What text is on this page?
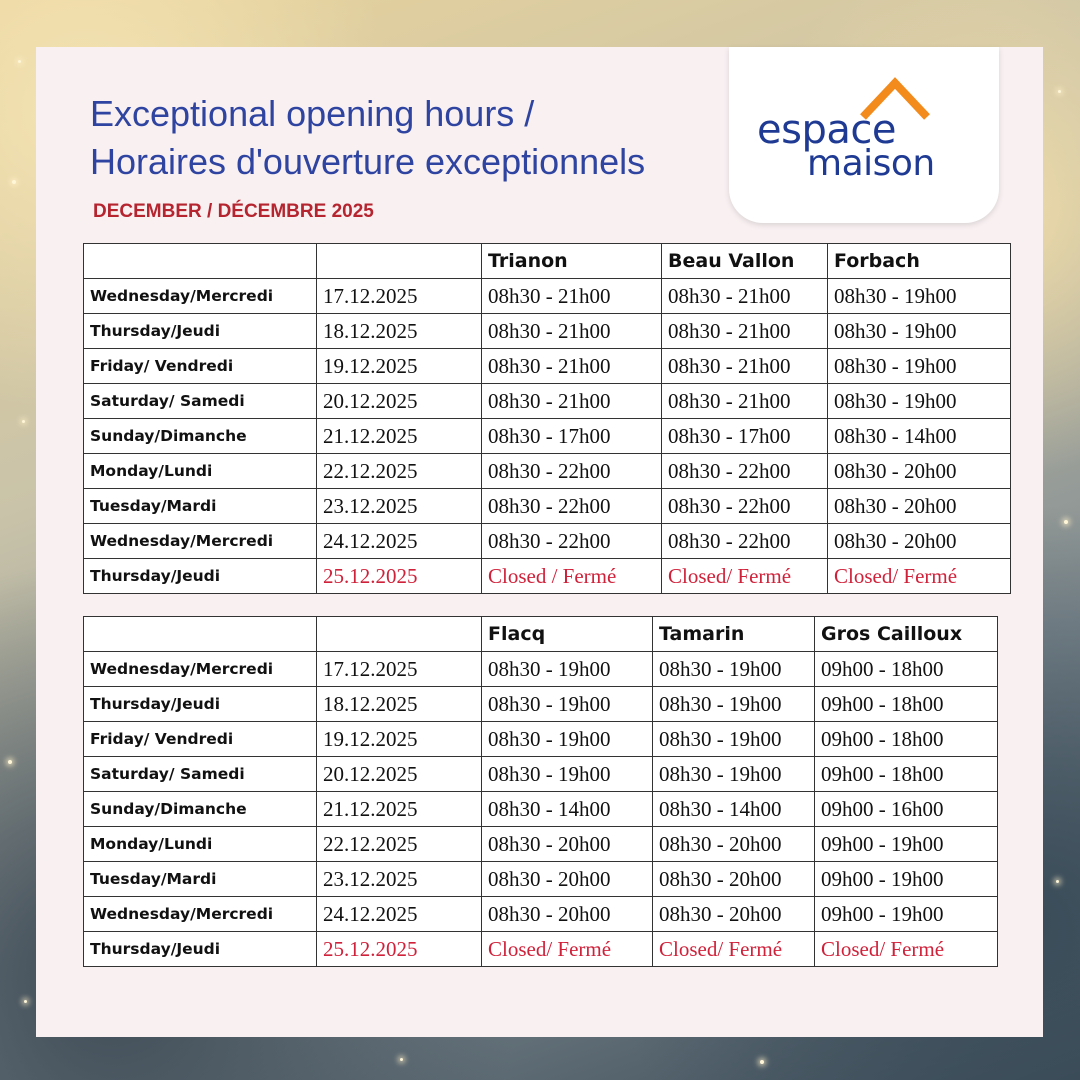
espace
maison
Exceptional opening hours /
Horaires d'ouverture exceptionnels
DECEMBER / DÉCEMBRE 2025
		Trianon	Beau Vallon	Forbach
Wednesday/Mercredi	17.12.2025	08h30 - 21h00	08h30 - 21h00	08h30 - 19h00
Thursday/Jeudi	18.12.2025	08h30 - 21h00	08h30 - 21h00	08h30 - 19h00
Friday/ Vendredi	19.12.2025	08h30 - 21h00	08h30 - 21h00	08h30 - 19h00
Saturday/ Samedi	20.12.2025	08h30 - 21h00	08h30 - 21h00	08h30 - 19h00
Sunday/Dimanche	21.12.2025	08h30 - 17h00	08h30 - 17h00	08h30 - 14h00
Monday/Lundi	22.12.2025	08h30 - 22h00	08h30 - 22h00	08h30 - 20h00
Tuesday/Mardi	23.12.2025	08h30 - 22h00	08h30 - 22h00	08h30 - 20h00
Wednesday/Mercredi	24.12.2025	08h30 - 22h00	08h30 - 22h00	08h30 - 20h00
Thursday/Jeudi	25.12.2025	Closed / Fermé	Closed/ Fermé	Closed/ Fermé
		Flacq	Tamarin	Gros Cailloux
Wednesday/Mercredi	17.12.2025	08h30 - 19h00	08h30 - 19h00	09h00 - 18h00
Thursday/Jeudi	18.12.2025	08h30 - 19h00	08h30 - 19h00	09h00 - 18h00
Friday/ Vendredi	19.12.2025	08h30 - 19h00	08h30 - 19h00	09h00 - 18h00
Saturday/ Samedi	20.12.2025	08h30 - 19h00	08h30 - 19h00	09h00 - 18h00
Sunday/Dimanche	21.12.2025	08h30 - 14h00	08h30 - 14h00	09h00 - 16h00
Monday/Lundi	22.12.2025	08h30 - 20h00	08h30 - 20h00	09h00 - 19h00
Tuesday/Mardi	23.12.2025	08h30 - 20h00	08h30 - 20h00	09h00 - 19h00
Wednesday/Mercredi	24.12.2025	08h30 - 20h00	08h30 - 20h00	09h00 - 19h00
Thursday/Jeudi	25.12.2025	Closed/ Fermé	Closed/ Fermé	Closed/ Fermé
